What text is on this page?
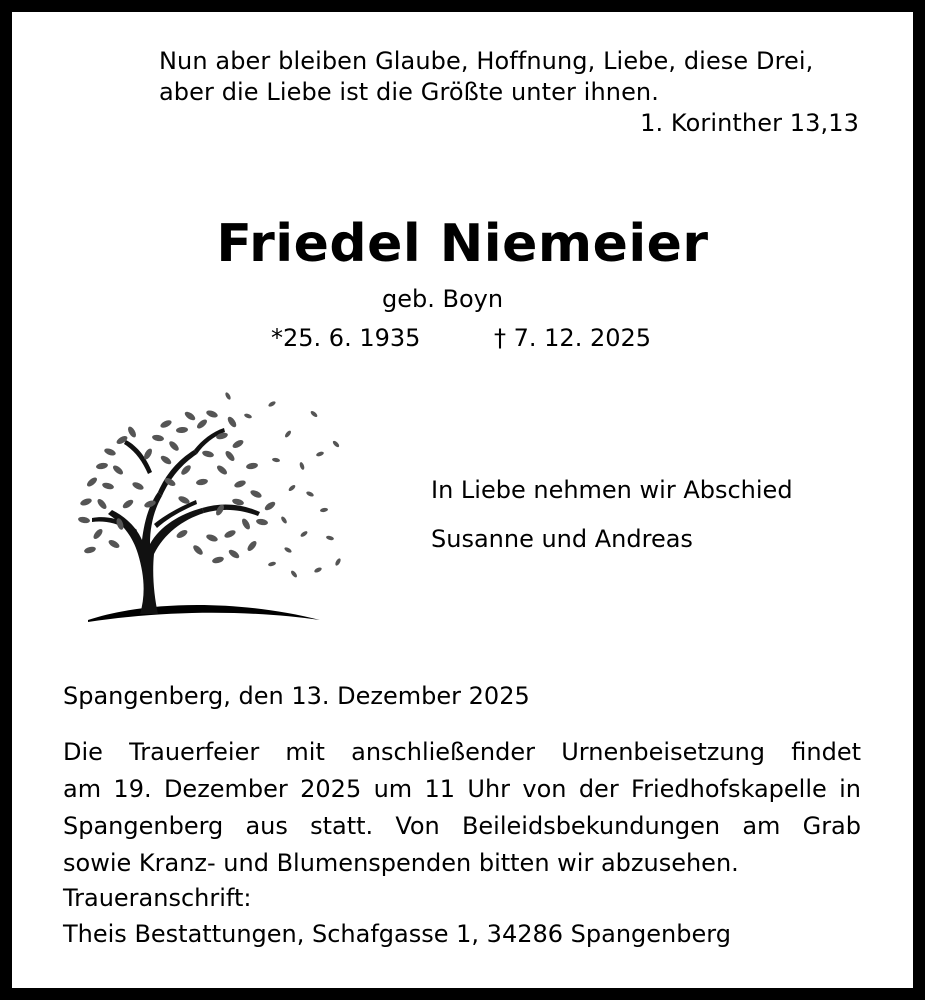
Nun aber bleiben Glaube, Hoffnung, Liebe, diese Drei,
aber die Liebe ist die Größte unter ihnen.
1. Korinther 13,13
Friedel Niemeier
geb. Boyn
*25. 6. 1935	† 7. 12. 2025
In Liebe nehmen wir Abschied
Susanne und Andreas
Spangenberg, den 13. Dezember 2025
Die Trauerfeier mit anschließender Urnenbeisetzung findet
am 19. Dezember 2025 um 11 Uhr von der Friedhofskapelle in
Spangenberg aus statt. Von Beileidsbekundungen am Grab
sowie Kranz- und Blumenspenden bitten wir abzusehen.
Traueranschrift:
Theis Bestattungen, Schafgasse 1, 34286 Spangenberg
